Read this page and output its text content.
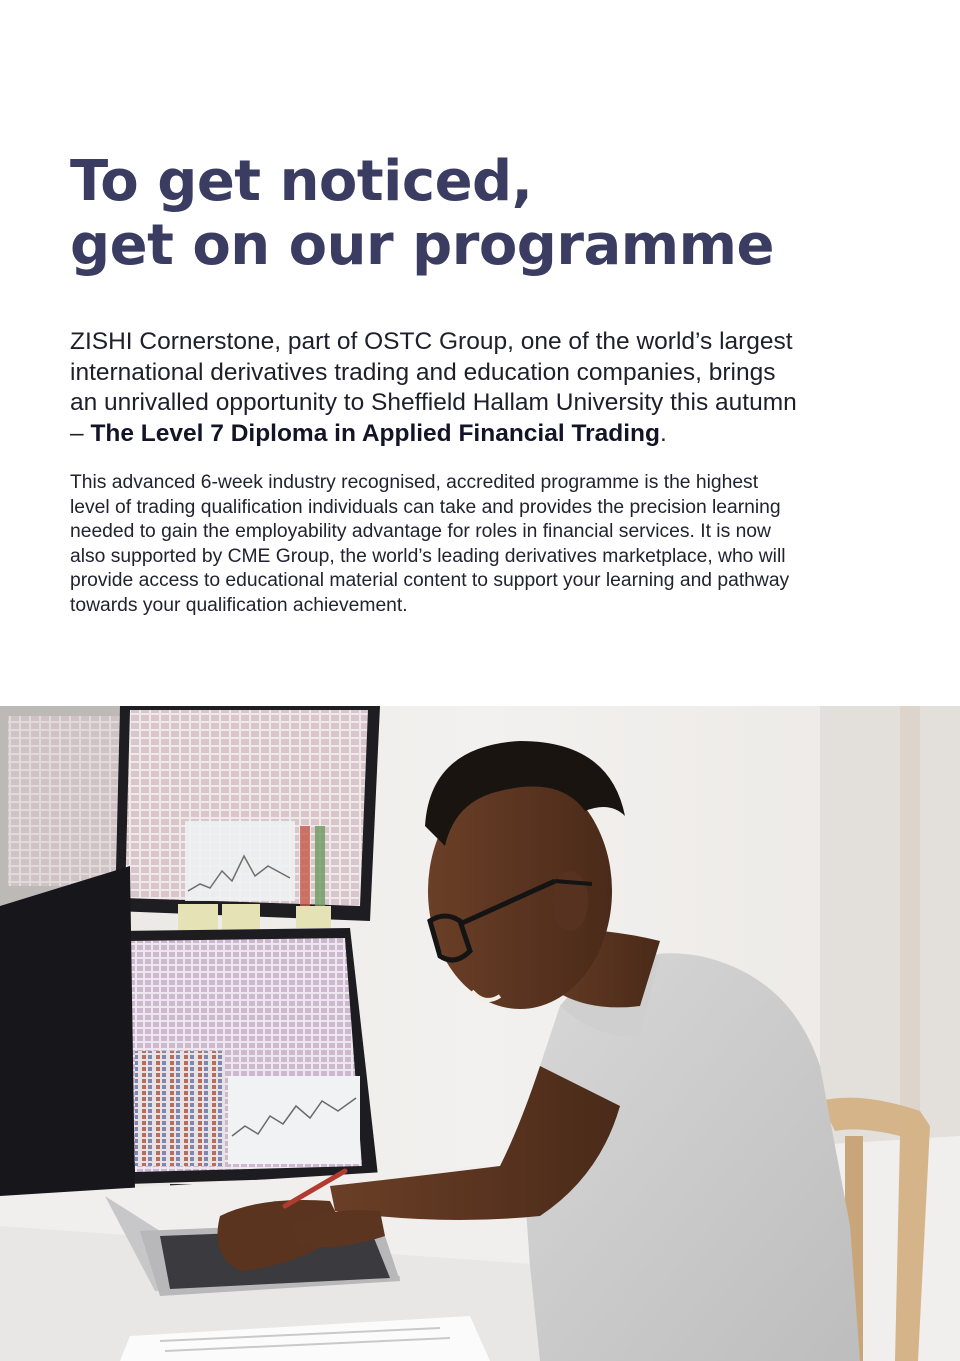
To get noticed,
get on our programme

ZISHI Cornerstone, part of OSTC Group, one of the world’s largest
international derivatives trading and education companies, brings
an unrivalled opportunity to Sheffield Hallam University this autumn
– The Level 7 Diploma in Applied Financial Trading.

This advanced 6-week industry recognised, accredited programme is the highest
level of trading qualification individuals can take and provides the precision learning
needed to gain the employability advantage for roles in financial services. It is now
also supported by CME Group, the world’s leading derivatives marketplace, who will
provide access to educational material content to support your learning and pathway
towards your qualification achievement.
